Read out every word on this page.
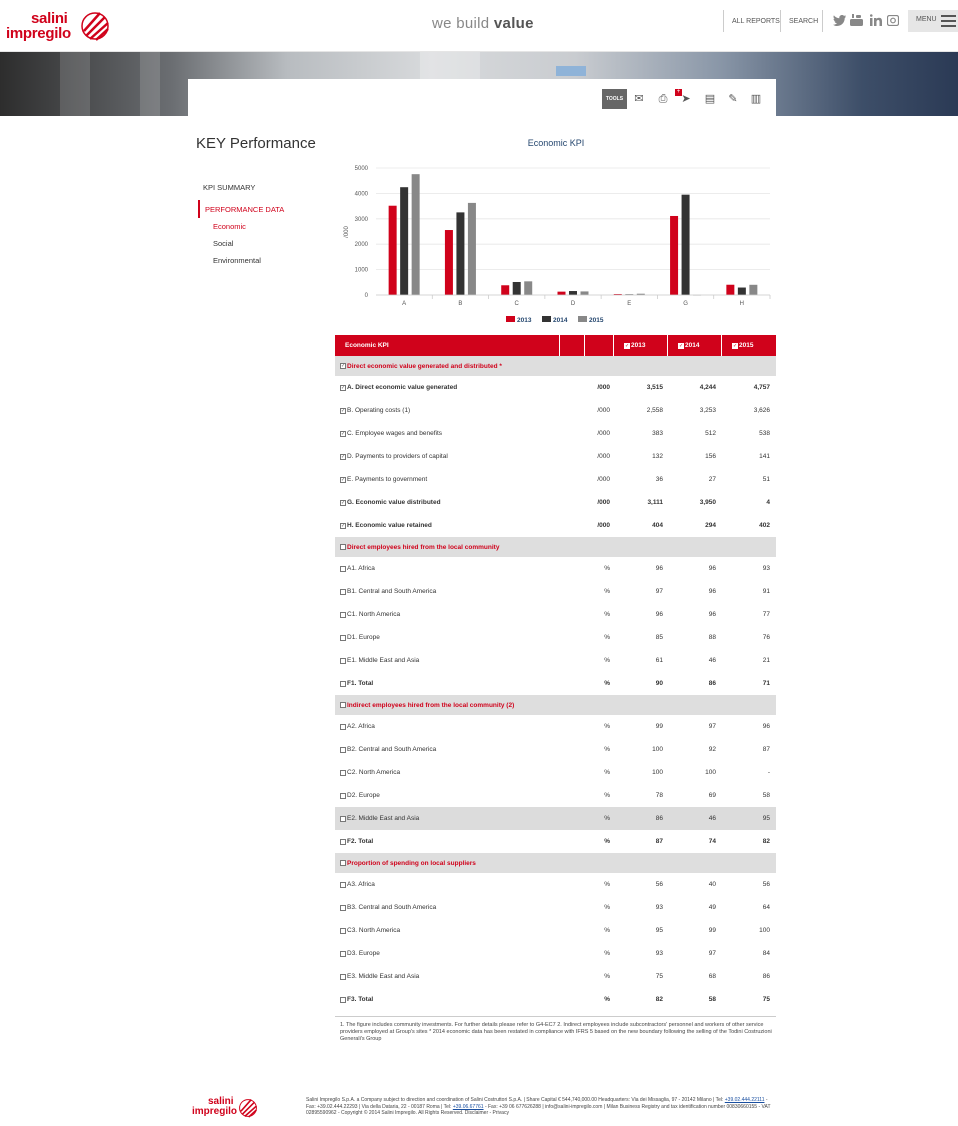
salini
impregilo
we build value	ALL REPORTS	SEARCH	MENU
TOOLS	✉ ⎙
+
➤ ▤ ✎ ▥
KEY Performance
KPI SUMMARY
PERFORMANCE DATA
Economic
Social
Environmental
Economic KPI
0
1000
2000
3000
4000
5000
/000
A	B	C	D	E	G	H
2013	2014	2015
Economic KPI	✓ 2013	✓ 2014	✓ 2015
✓ Direct economic value generated and distributed *
✓ A. Direct economic value generated	/000	3,515	4,244	4,757
✓ B. Operating costs (1)	/000	2,558	3,253	3,626
✓ C. Employee wages and benefits	/000	383	512	538
✓ D. Payments to providers of capital	/000	132	156	141
✓ E. Payments to government	/000	36	27	51
✓ G. Economic value distributed	/000	3,111	3,950	4
✓ H. Economic value retained	/000	404	294	402
Direct employees hired from the local community
A1. Africa	%	96	96	93
B1. Central and South America	%	97	96	91
C1. North America	%	96	96	77
D1. Europe	%	85	88	76
E1. Middle East and Asia	%	61	46	21
F1. Total	%	90	86	71
Indirect employees hired from the local community (2)
A2. Africa	%	99	97	96
B2. Central and South America	%	100	92	87
C2. North America	%	100	100	-
D2. Europe	%	78	69	58
E2. Middle East and Asia	%	86	46	95
F2. Total	%	87	74	82
Proportion of spending on local suppliers
A3. Africa	%	56	40	56
B3. Central and South America	%	93	49	64
C3. North America	%	95	99	100
D3. Europe	%	93	97	84
E3. Middle East and Asia	%	75	68	86
F3. Total	%	82	58	75
1. The figure includes community investments. For further details please refer to G4-EC7 2. Indirect employees include subcontractors' personnel and workers of other service providers employed at Group's sites * 2014 economic data has been restated in compliance with IFRS 5 based on the new boundary following the selling of the Todini Costruzioni Generali's Group
salini
impregilo
Salini Impregilo S.p.A. a Company subject to direction and coordination of Salini Costruttori S.p.A. | Share Capital € 544,740,000.00 Headquarters: Via dei Missaglia, 97 - 20142 Milano | Tel: +39.02.444.22111 - Fax: +39.02.444.22293 | Via della Dataria, 22 - 00187 Roma | Tel: +39.06.67761 - Fax: +39 06 677626288 | info@salini-impregilo.com | Milan Business Registry and tax identification number 00830660155 - VAT 02895590962 - Copyright © 2014 Salini Impregilo. All Rights Reserved. Disclaimer - Privacy
